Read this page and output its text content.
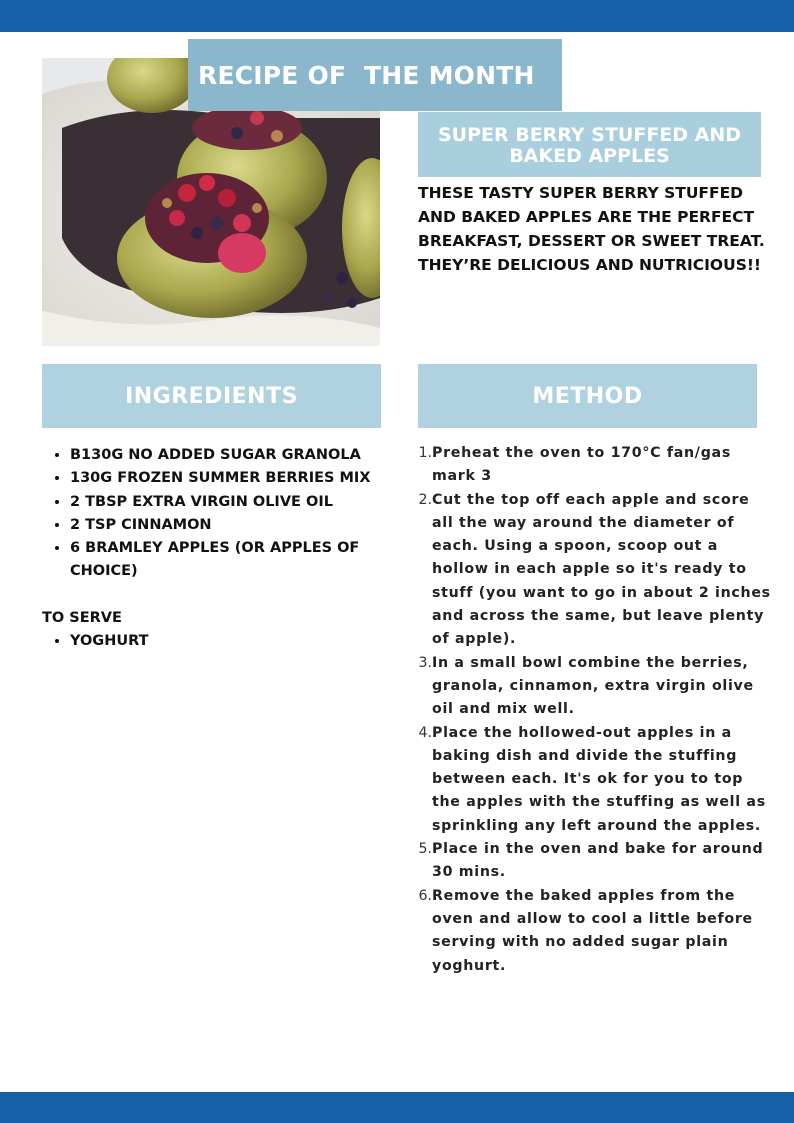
RECIPE OF  THE MONTH
SUPER BERRY STUFFED AND BAKED APPLES
THESE TASTY SUPER BERRY STUFFED AND BAKED APPLES ARE THE PERFECT BREAKFAST, DESSERT OR SWEET TREAT. THEY’RE DELICIOUS AND NUTRICIOUS!!
INGREDIENTS	METHOD
• B130G NO ADDED SUGAR GRANOLA
• 130G FROZEN SUMMER BERRIES MIX
• 2 TBSP EXTRA VIRGIN OLIVE OIL
• 2 TSP CINNAMON
• 6 BRAMLEY APPLES (OR APPLES OF CHOICE)
TO SERVE
• YOGHURT
1. Preheat the oven to 170°C fan/gas mark 3
2. Cut the top off each apple and score all the way around the diameter of each. Using a spoon, scoop out a hollow in each apple so it's ready to stuff (you want to go in about 2 inches and across the same, but leave plenty of apple).
3. In a small bowl combine the berries, granola, cinnamon, extra virgin olive oil and mix well.
4. Place the hollowed-out apples in a baking dish and divide the stuffing between each. It's ok for you to top the apples with the stuffing as well as sprinkling any left around the apples.
5. Place in the oven and bake for around 30 mins.
6. Remove the baked apples from the oven and allow to cool a little before serving with no added sugar plain yoghurt.
